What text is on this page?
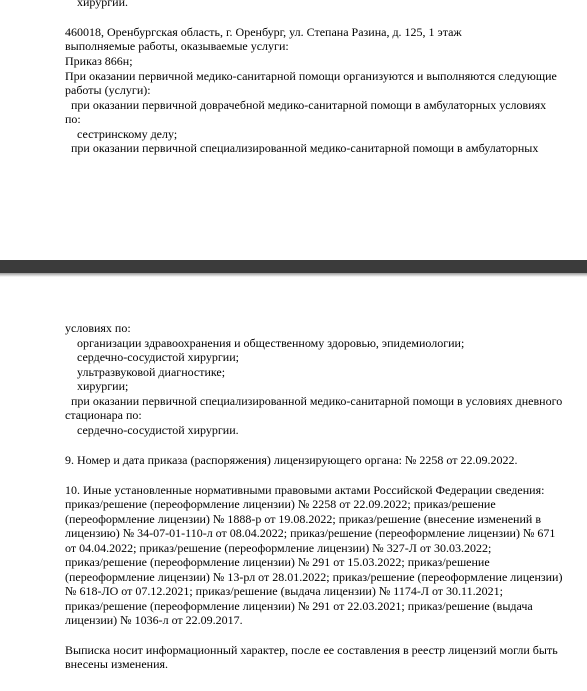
хирургии.
460018, Оренбургская область, г. Оренбург, ул. Степана Разина, д. 125, 1 этаж
выполняемые работы, оказываемые услуги:
Приказ 866н;
При оказании первичной медико-санитарной помощи организуются и выполняются следующие
работы (услуги):
при оказании первичной доврачебной медико-санитарной помощи в амбулаторных условиях
по:
сестринскому делу;
при оказании первичной специализированной медико-санитарной помощи в амбулаторных
условиях по:
организации здравоохранения и общественному здоровью, эпидемиологии;
сердечно-сосудистой хирургии;
ультразвуковой диагностике;
хирургии;
при оказании первичной специализированной медико-санитарной помощи в условиях дневного
стационара по:
сердечно-сосудистой хирургии.
9. Номер и дата приказа (распоряжения) лицензирующего органа: № 2258 от 22.09.2022.
10. Иные установленные нормативными правовыми актами Российской Федерации сведения:
приказ/решение (переоформление лицензии) № 2258 от 22.09.2022; приказ/решение
(переоформление лицензии) № 1888-р от 19.08.2022; приказ/решение (внесение изменений в
лицензию) № 34-07-01-110-л от 08.04.2022; приказ/решение (переоформление лицензии) № 671
от 04.04.2022; приказ/решение (переоформление лицензии) № 327-Л от 30.03.2022;
приказ/решение (переоформление лицензии) № 291 от 15.03.2022; приказ/решение
(переоформление лицензии) № 13-рл от 28.01.2022; приказ/решение (переоформление лицензии)
№ 618-ЛО от 07.12.2021; приказ/решение (выдача лицензии) № 1174-Л от 30.11.2021;
приказ/решение (переоформление лицензии) № 291 от 22.03.2021; приказ/решение (выдача
лицензии) № 1036-л от 22.09.2017.
Выписка носит информационный характер, после ее составления в реестр лицензий могли быть
внесены изменения.
